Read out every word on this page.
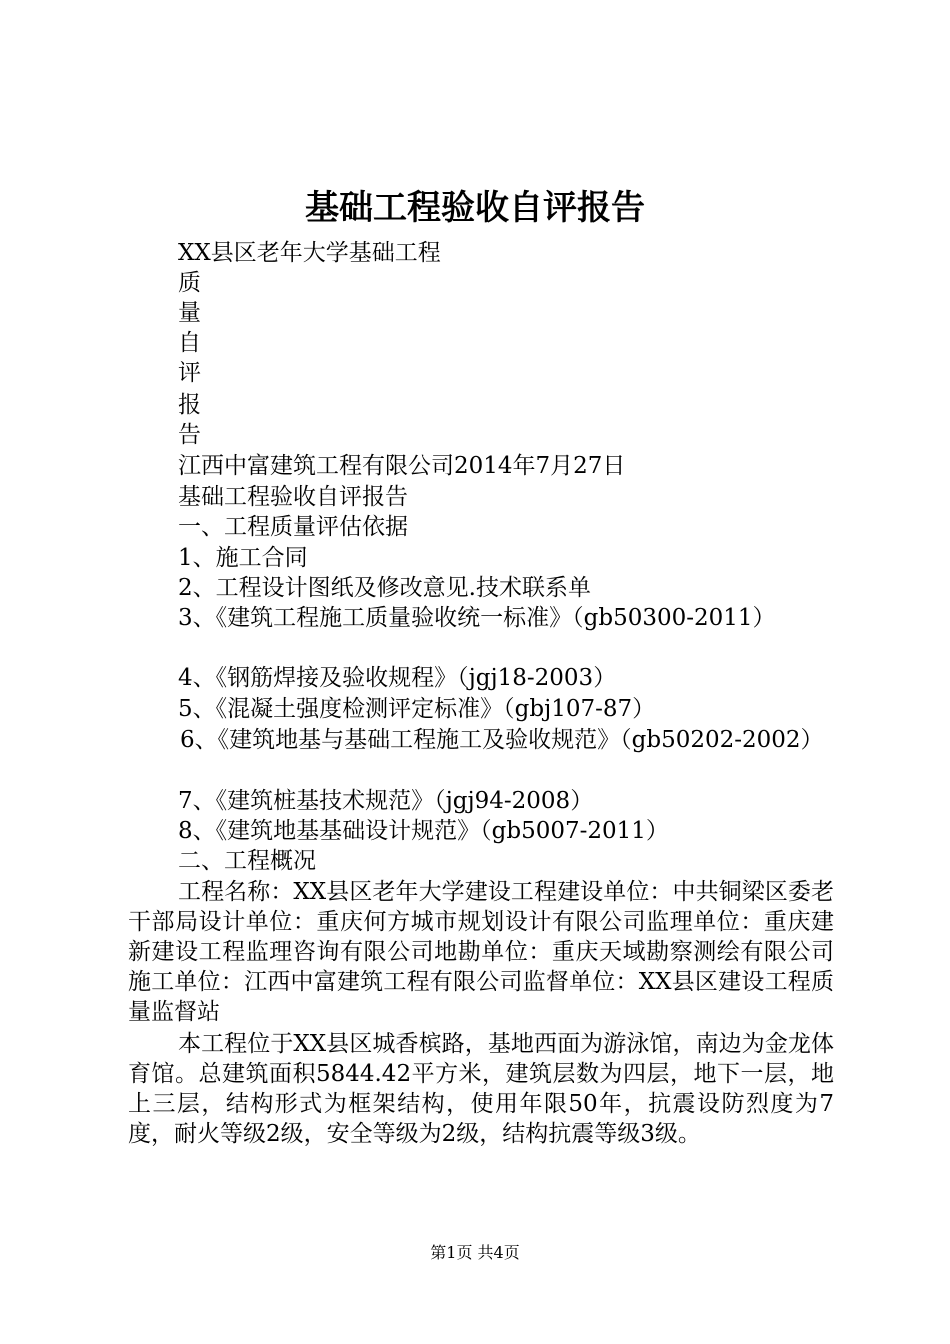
基础工程验收自评报告
XX县区老年大学基础工程
质
量
自
评
报
告
江西中富建筑工程有限公司2014年7月27日
基础工程验收自评报告
一、工程质量评估依据
1、施工合同
2、工程设计图纸及修改意见.技术联系单
3、《建筑工程施工质量验收统一标准》（gb50300-2011）
4、《钢筋焊接及验收规程》（jgj18-2003）
5、《混凝土强度检测评定标准》（gbj107-87）
6、《建筑地基与基础工程施工及验收规范》（gb50202-2002）
7、《建筑桩基技术规范》（jgj94-2008）
8、《建筑地基基础设计规范》（gb5007-2011）
二、工程概况
工程名称：XX县区老年大学建设工程建设单位：中共铜梁区委老干部局设计单位：重庆何方城市规划设计有限公司监理单位：重庆建新建设工程监理咨询有限公司地勘单位：重庆天域勘察测绘有限公司施工单位：江西中富建筑工程有限公司监督单位：XX县区建设工程质量监督站
本工程位于XX县区城香槟路，基地西面为游泳馆，南边为金龙体育馆。总建筑面积5844.42平方米，建筑层数为四层，地下一层，地上三层，结构形式为框架结构，使用年限50年，抗震设防烈度为7度，耐火等级2级，安全等级为2级，结构抗震等级3级。
第1页 共4页
